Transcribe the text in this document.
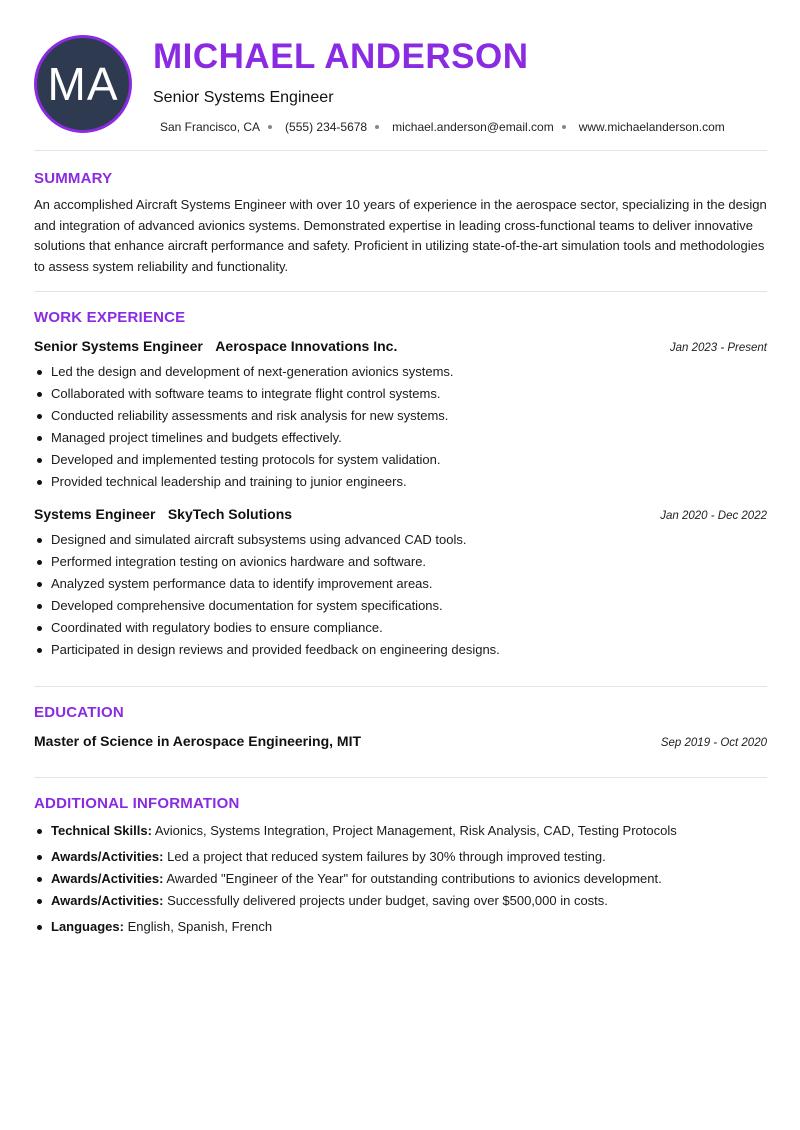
MA
MICHAEL ANDERSON
Senior Systems Engineer
San Francisco, CA (555) 234-5678 michael.anderson@email.com www.michaelanderson.com
SUMMARY

An accomplished Aircraft Systems Engineer with over 10 years of experience in the aerospace sector, specializing in the design and integration of advanced avionics systems. Demonstrated expertise in leading cross-functional teams to deliver innovative solutions that enhance aircraft performance and safety. Proficient in utilizing state-of-the-art simulation tools and methodologies to assess system reliability and functionality.

WORK EXPERIENCE
Senior Systems Engineer Aerospace Innovations Inc.	Jan 2023 - Present
Led the design and development of next-generation avionics systems.
Collaborated with software teams to integrate flight control systems.
Conducted reliability assessments and risk analysis for new systems.
Managed project timelines and budgets effectively.
Developed and implemented testing protocols for system validation.
Provided technical leadership and training to junior engineers.
Systems Engineer SkyTech Solutions	Jan 2020 - Dec 2022
Designed and simulated aircraft subsystems using advanced CAD tools.
Performed integration testing on avionics hardware and software.
Analyzed system performance data to identify improvement areas.
Developed comprehensive documentation for system specifications.
Coordinated with regulatory bodies to ensure compliance.
Participated in design reviews and provided feedback on engineering designs.
EDUCATION
Master of Science in Aerospace Engineering, MIT	Sep 2019 - Oct 2020
ADDITIONAL INFORMATION
Technical Skills: Avionics, Systems Integration, Project Management, Risk Analysis, CAD, Testing Protocols
Awards/Activities: Led a project that reduced system failures by 30% through improved testing.
Awards/Activities: Awarded "Engineer of the Year" for outstanding contributions to avionics development.
Awards/Activities: Successfully delivered projects under budget, saving over $500,000 in costs.
Languages: English, Spanish, French
